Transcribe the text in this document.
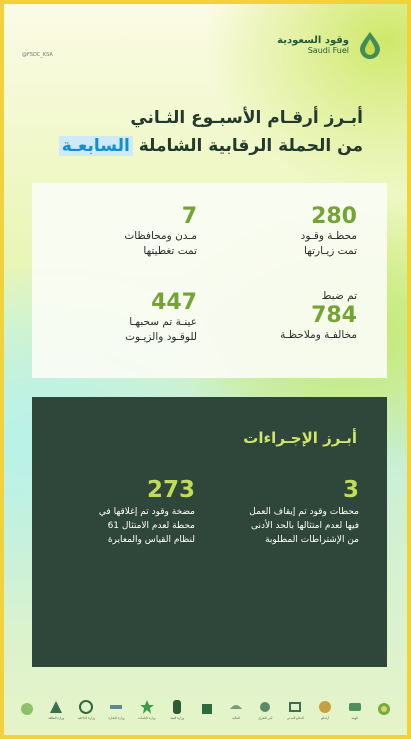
وقود السعودية
Saudi Fuel
@FSDC_KSA
أبـرز أرقـام الأسبـوع الثـاني
من الحملة الرقابية الشاملة السابعـة
280
محطـة وقـود
تمت زيـارتها
7
مـدن ومحافظات
تمت تغطيتها
تم ضبط
784
مخالفـة وملاحظـة
447
عينـة تم سحبهـا
للوقـود والزيـوت
أبـرز الإجـراءات
3
محطات وقود تم إيقاف العمل
فيها لعدم امتثالها بالحد الأدنى
من الإشتراطات المطلوبة
273
مضخة وقود تم إغلاقها في
61 محطة لعدم الامتثال
لنظام القياس والمعايرة
وزارة الطاقة	وزارة الداخلية	وزارة التجارة	وزارة البلديات	وزارة البيئة	المالية	أمن الطرق	الدفاع المدني	أرامكو	الهيئة
